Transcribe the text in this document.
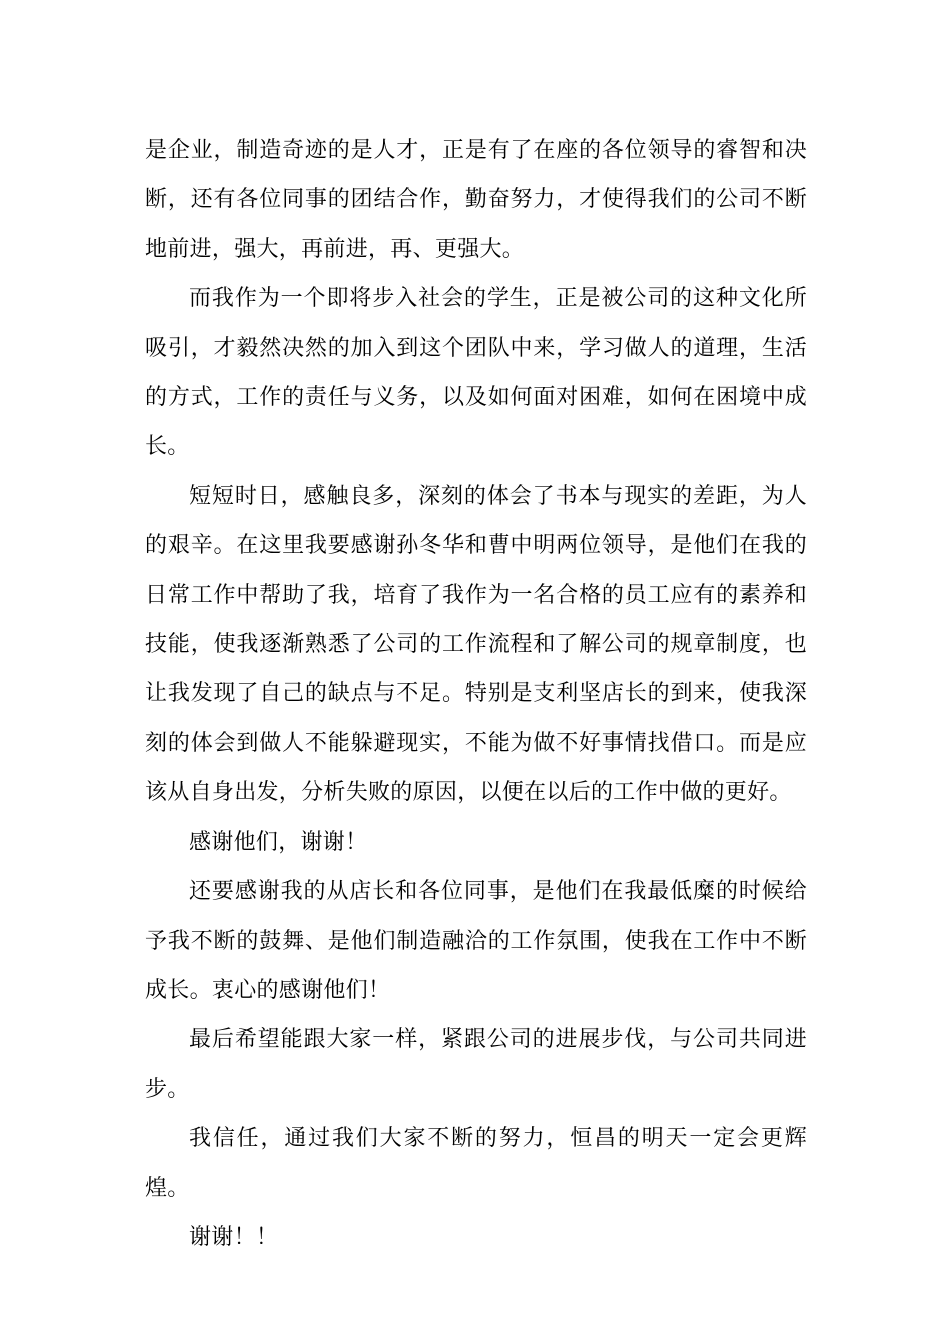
是企业，制造奇迹的是人才，正是有了在座的各位领导的睿智和决断，还有各位同事的团结合作，勤奋努力，才使得我们的公司不断地前进，强大，再前进，再、更强大。

而我作为一个即将步入社会的学生，正是被公司的这种文化所吸引，才毅然决然的加入到这个团队中来，学习做人的道理，生活的方式，工作的责任与义务，以及如何面对困难，如何在困境中成长。

短短时日，感触良多，深刻的体会了书本与现实的差距，为人的艰辛。在这里我要感谢孙冬华和曹中明两位领导，是他们在我的日常工作中帮助了我，培育了我作为一名合格的员工应有的素养和技能，使我逐渐熟悉了公司的工作流程和了解公司的规章制度，也让我发现了自己的缺点与不足。特别是支利坚店长的到来，使我深刻的体会到做人不能躲避现实，不能为做不好事情找借口。而是应该从自身出发，分析失败的原因，以便在以后的工作中做的更好。

感谢他们，谢谢！

还要感谢我的从店长和各位同事，是他们在我最低糜的时候给予我不断的鼓舞、是他们制造融洽的工作氛围，使我在工作中不断成长。衷心的感谢他们！

最后希望能跟大家一样，紧跟公司的进展步伐，与公司共同进步。

我信任，通过我们大家不断的努力，恒昌的明天一定会更辉煌。

谢谢！！
